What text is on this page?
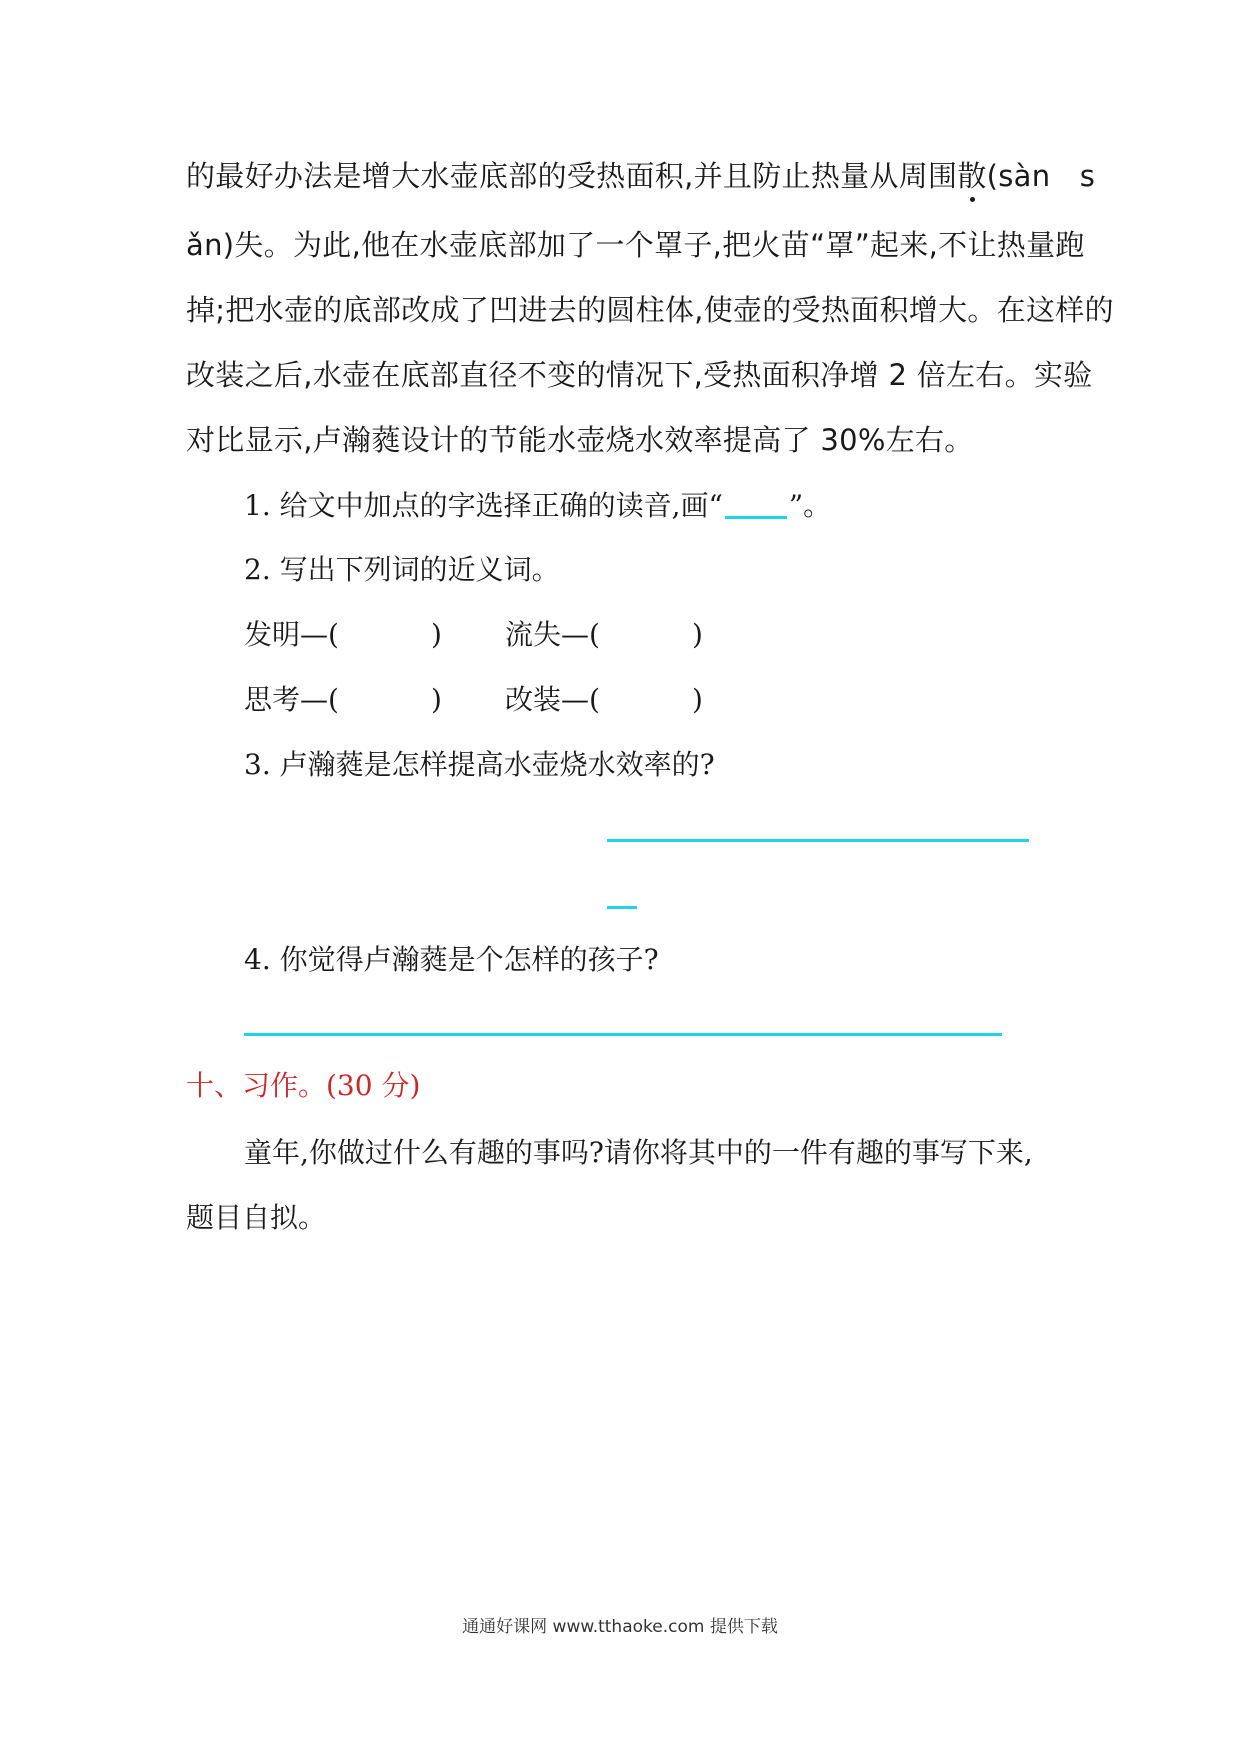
的最好办法是增大水壶底部的受热面积,并且防止热量从周围散(sàn　s
ǎn)失。为此,他在水壶底部加了一个罩子,把火苗“罩”起来,不让热量跑
掉;把水壶的底部改成了凹进去的圆柱体,使壶的受热面积增大。在这样的
改装之后,水壶在底部直径不变的情况下,受热面积净增 2 倍左右。实验
对比显示,卢瀚蕤设计的节能水壶烧水效率提高了 30%左右。
1. 给文中加点的字选择正确的读音,画“ ”。
2. 写出下列词的近义词。
发明—(	) 流失—(	)
思考—(	) 改装—(	)
3. 卢瀚蕤是怎样提高水壶烧水效率的?
4. 你觉得卢瀚蕤是个怎样的孩子?
十、习作。(30 分)
童年,你做过什么有趣的事吗?请你将其中的一件有趣的事写下来,
题目自拟。
通通好课网 www.tthaoke.com 提供下载
